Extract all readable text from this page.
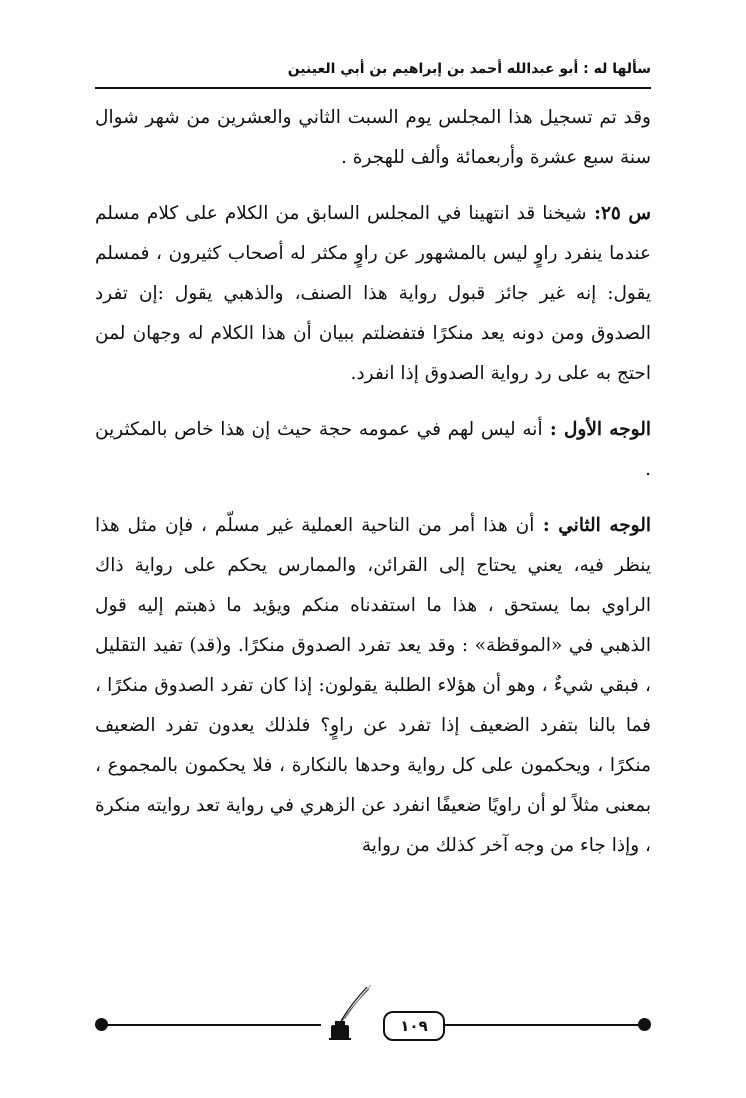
سألها له : أبو عبدالله أحمد بن إبراهيم بن أبي العينين

وقد تم تسجيل هذا المجلس يوم السبت الثاني والعشرين من شهر شوال سنة سبع عشرة وأربعمائة وألف للهجرة .

س ٢٥: شيخنا قد انتهينا في المجلس السابق من الكلام على كلام مسلم عندما ينفرد راوٍ ليس بالمشهور عن راوٍ مكثر له أصحاب كثيرون ، فمسلم يقول: إنه غير جائز قبول رواية هذا الصنف، والذهبي يقول :إن تفرد الصدوق ومن دونه يعد منكرًا فتفضلتم ببيان أن هذا الكلام له وجهان لمن احتج به على رد رواية الصدوق إذا انفرد.

الوجه الأول : أنه ليس لهم في عمومه حجة حيث إن هذا خاص بالمكثرين .

الوجه الثاني : أن هذا أمر من الناحية العملية غير مسلّم ، فإن مثل هذا ينظر فيه، يعني يحتاج إلى القرائن، والممارس يحكم على رواية ذاك الراوي بما يستحق ، هذا ما استفدناه منكم ويؤيد ما ذهبتم إليه قول الذهبي في «الموقظة» : وقد يعد تفرد الصدوق منكرًا. و(قد) تفيد التقليل ، فبقي شيءٌ ، وهو أن هؤلاء الطلبة يقولون: إذا كان تفرد الصدوق منكرًا ، فما بالنا بتفرد الضعيف إذا تفرد عن راوٍ؟ فلذلك يعدون تفرد الضعيف منكرًا ، ويحكمون على كل رواية وحدها بالنكارة ، فلا يحكمون بالمجموع ، بمعنى مثلاً لو أن راويًا ضعيفًا انفرد عن الزهري في رواية تعد روايته منكرة ، وإذا جاء من وجه آخر كذلك من رواية

١٠٩
